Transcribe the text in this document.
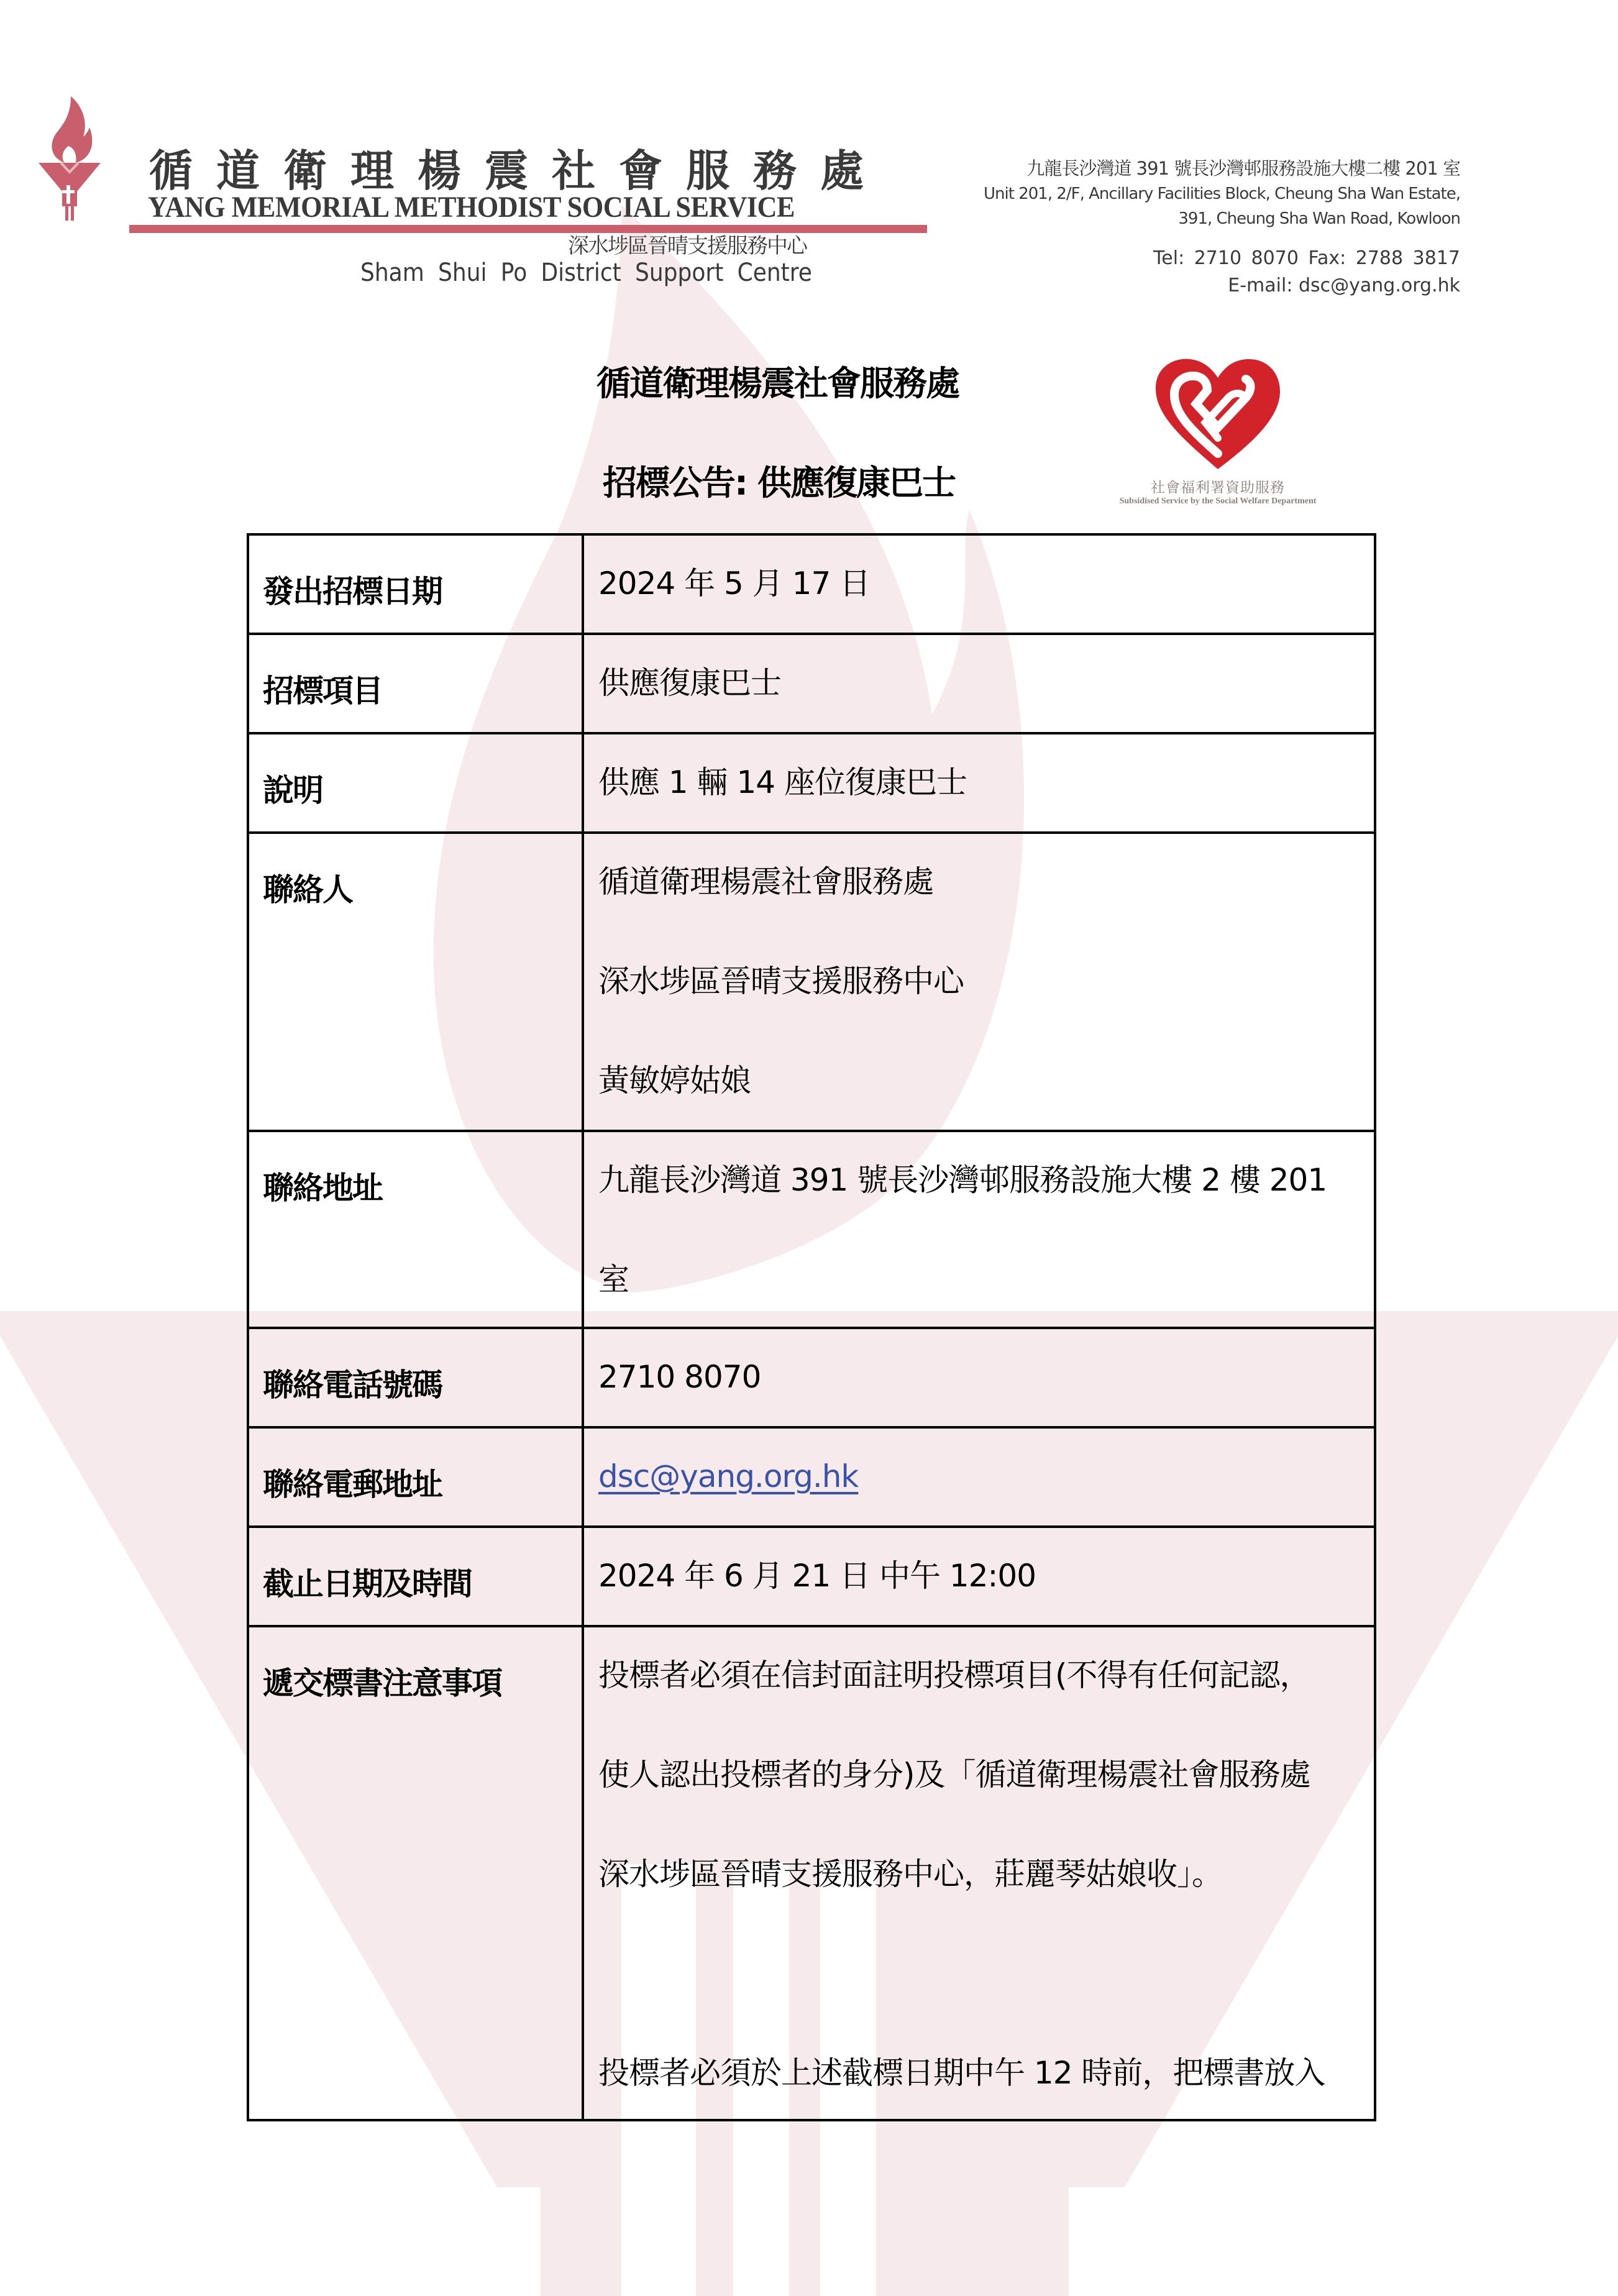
循道衛理楊震社會服務處
YANG MEMORIAL METHODIST SOCIAL SERVICE
深水埗區晉晴支援服務中心
Sham Shui Po District Support Centre
九龍長沙灣道 391 號長沙灣邨服務設施大樓二樓 201 室
Unit 201, 2/F, Ancillary Facilities Block, Cheung Sha Wan Estate,
391, Cheung Sha Wan Road, Kowloon
Tel: 2710 8070 Fax: 2788 3817
E-mail: dsc@yang.org.hk
循道衛理楊震社會服務處
招標公告: 供應復康巴士	社會福利署資助服務
Subsidised Service by the Social Welfare Department
發出招標日期	2024 年 5 月 17 日

招標項目	供應復康巴士

說明	供應 1 輛 14 座位復康巴士

聯絡人	循道衛理楊震社會服務處
深水埗區晉晴支援服務中心
黃敏婷姑娘

聯絡地址	九龍長沙灣道 391 號長沙灣邨服務設施大樓 2 樓 201
室

聯絡電話號碼	2710 8070

聯絡電郵地址	dsc@yang.org.hk

截止日期及時間	2024 年 6 月 21 日 中午 12:00

遞交標書注意事項	投標者必須在信封面註明投標項目(不得有任何記認，
使人認出投標者的身分)及「循道衛理楊震社會服務處
深水埗區晉晴支援服務中心，莊麗琴姑娘收」。
投標者必須於上述截標日期中午 12 時前，把標書放入
